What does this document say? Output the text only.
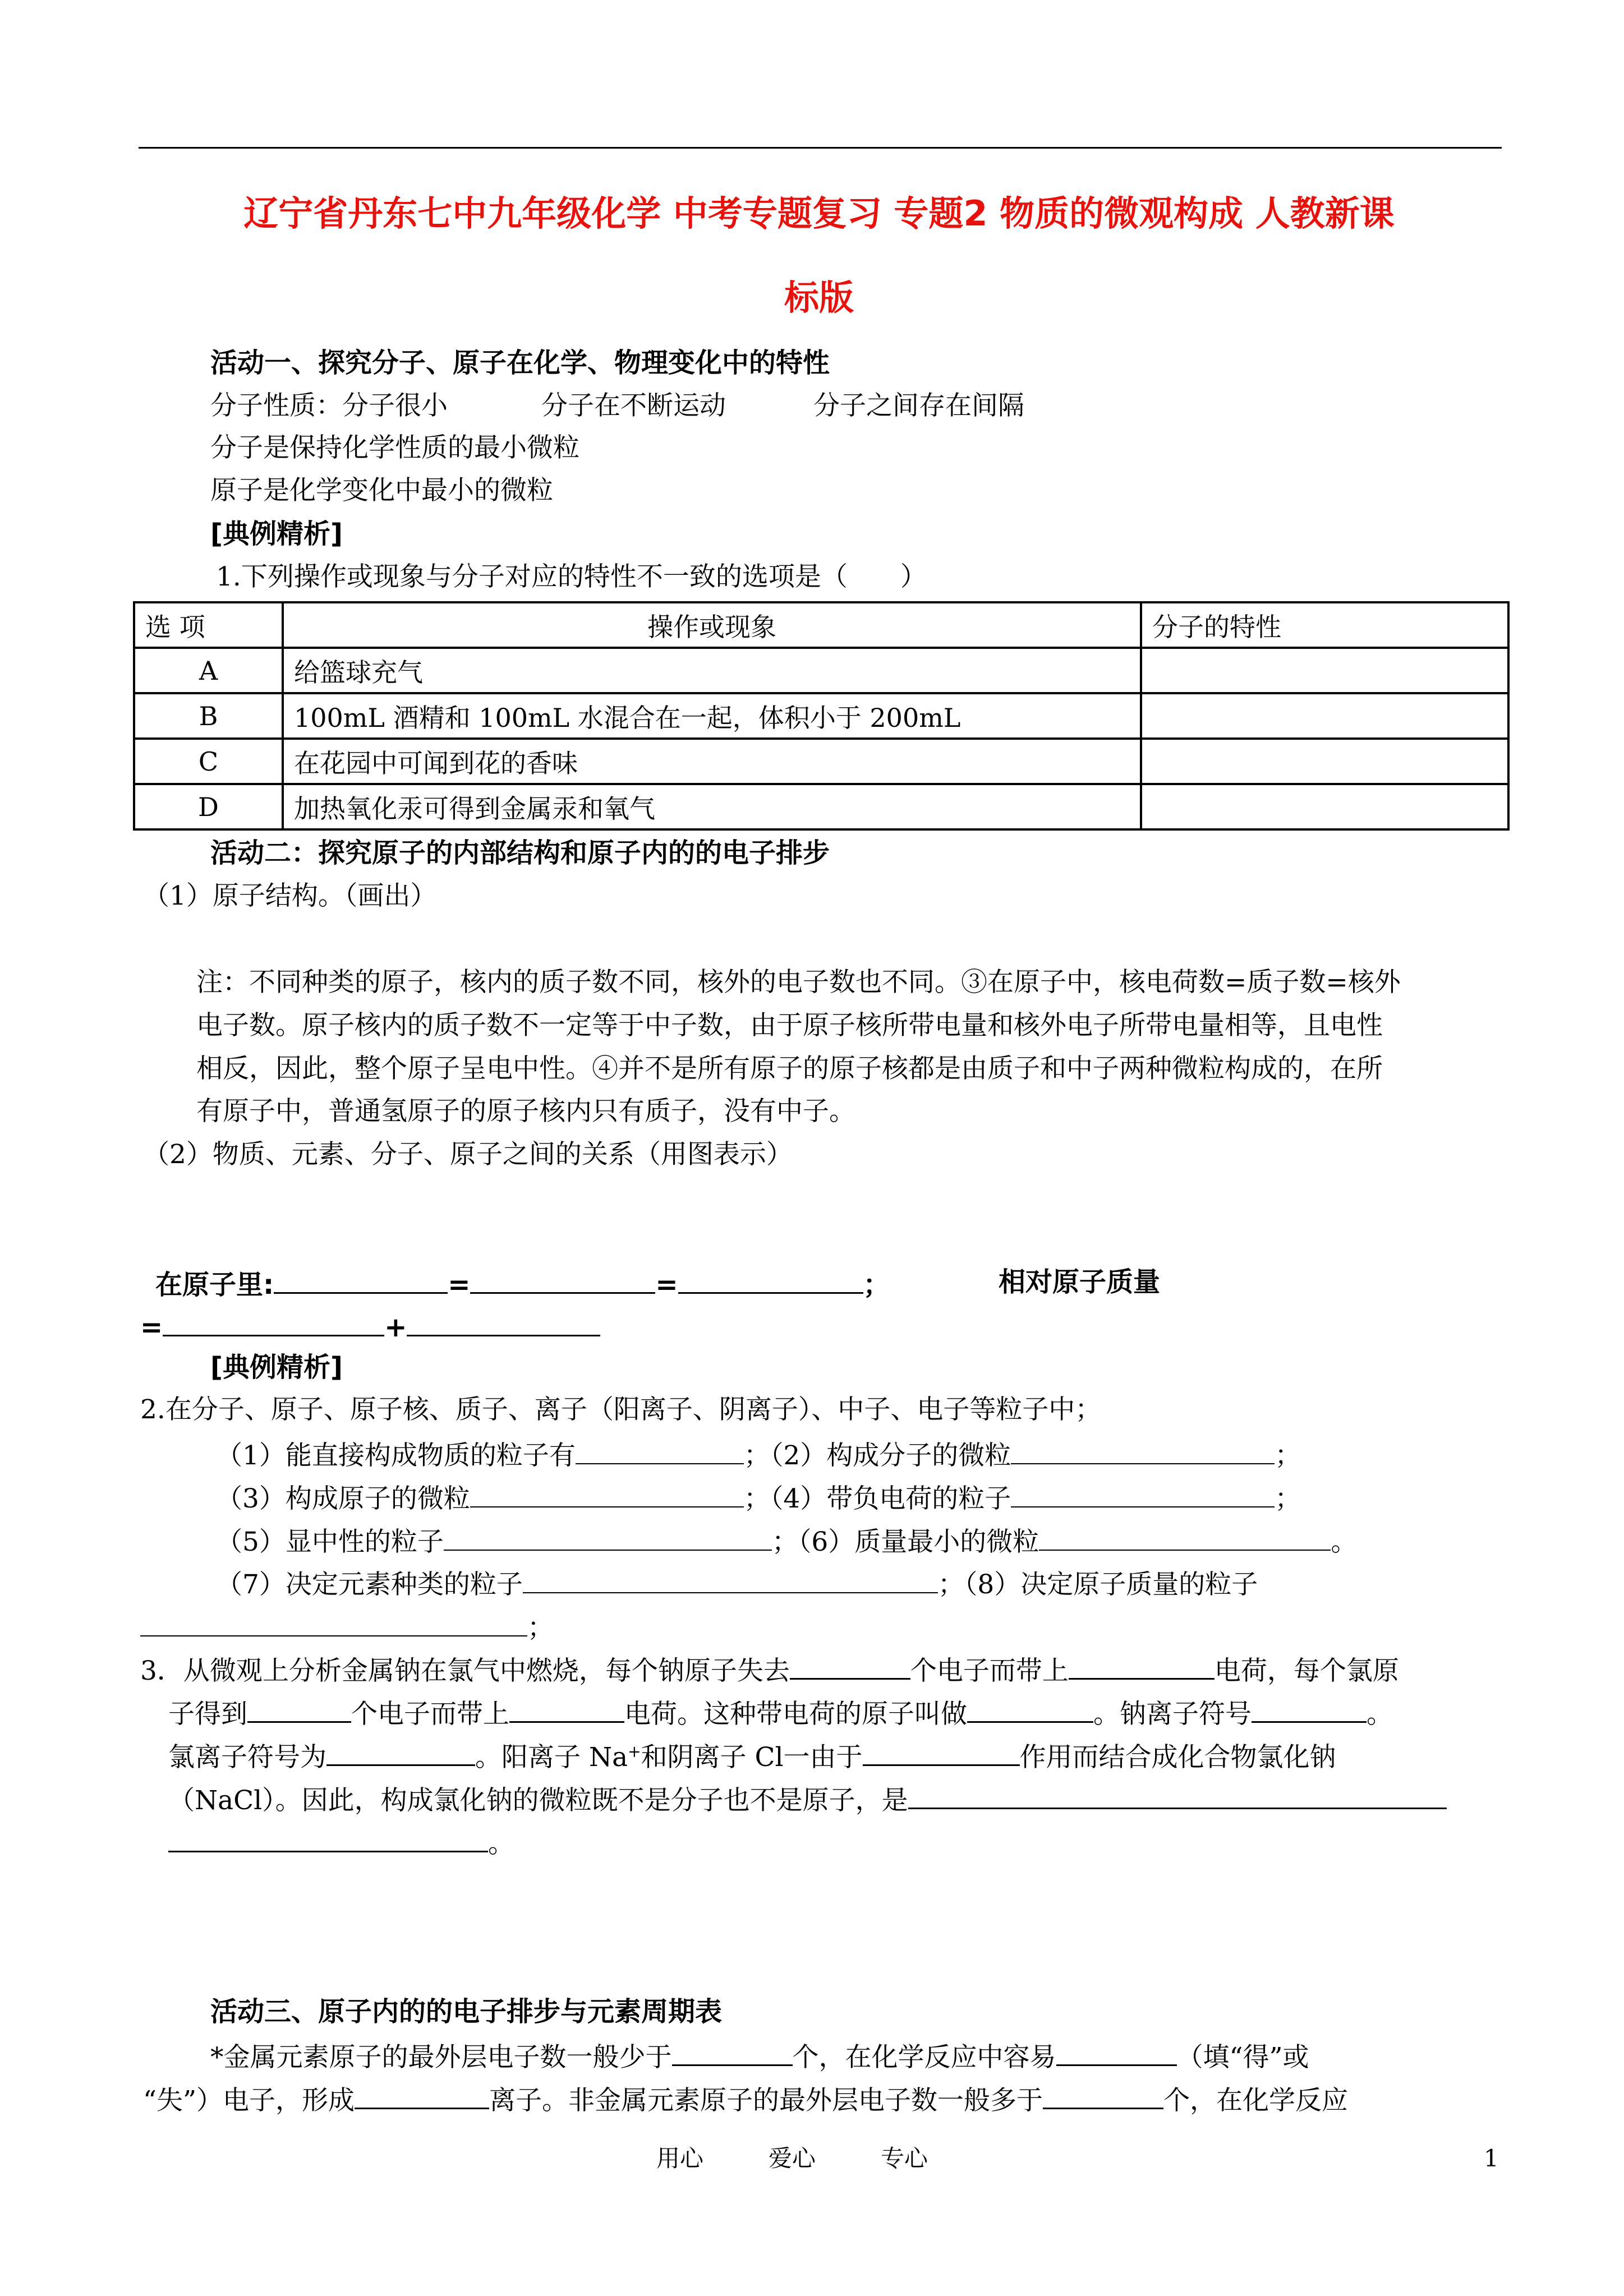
辽宁省丹东七中九年级化学 中考专题复习 专题2 物质的微观构成 人教新课
标版
活动一、探究分子、原子在化学、物理变化中的特性
分子性质：分子很小	分子在不断运动	分子之间存在间隔
分子是保持化学性质的最小微粒
原子是化学变化中最小的微粒
[典例精析]
1.下列操作或现象与分子对应的特性不一致的选项是（　　）
选 项	操作或现象	分子的特性
A	给篮球充气	
B	100mL 酒精和 100mL 水混合在一起，体积小于 200mL	
C	在花园中可闻到花的香味	
D	加热氧化汞可得到金属汞和氧气	
活动二：探究原子的内部结构和原子内的的电子排步
（1）原子结构。（画出）
注：不同种类的原子，核内的质子数不同，核外的电子数也不同。③在原子中，核电荷数=质子数=核外
电子数。原子核内的质子数不一定等于中子数，由于原子核所带电量和核外电子所带电量相等，且电性
相反，因此，整个原子呈电中性。④并不是所有原子的原子核都是由质子和中子两种微粒构成的，在所
有原子中，普通氢原子的原子核内只有质子，没有中子。
（2）物质、元素、分子、原子之间的关系（用图表示）
在原子里:	=	=	；	相对原子质量
=	+
[典例精析]
2.在分子、原子、原子核、质子、离子（阳离子、阴离子）、中子、电子等粒子中；
（1）能直接构成物质的粒子有	；（2）构成分子的微粒	；
（3）构成原子的微粒	；（4）带负电荷的粒子	；
（5）显中性的粒子	；（6）质量最小的微粒	。
（7）决定元素种类的粒子	；（8）决定原子质量的粒子
；
3．从微观上分析金属钠在氯气中燃烧，每个钠原子失去	个电子而带上	电荷，每个氯原
子得到	个电子而带上	电荷。这种带电荷的原子叫做	。钠离子符号	。
氯离子符号为	。阳离子 Na+和阴离子 Cl一由于	作用而结合成化合物氯化钠
（NaCl）。因此，构成氯化钠的微粒既不是分子也不是原子，是
。
活动三、原子内的的电子排步与元素周期表
*金属元素原子的最外层电子数一般少于	个，在化学反应中容易	（填“得”或
“失”）电子，形成	离子。非金属元素原子的最外层电子数一般多于	个，在化学反应
用心	爱心	专心	1
